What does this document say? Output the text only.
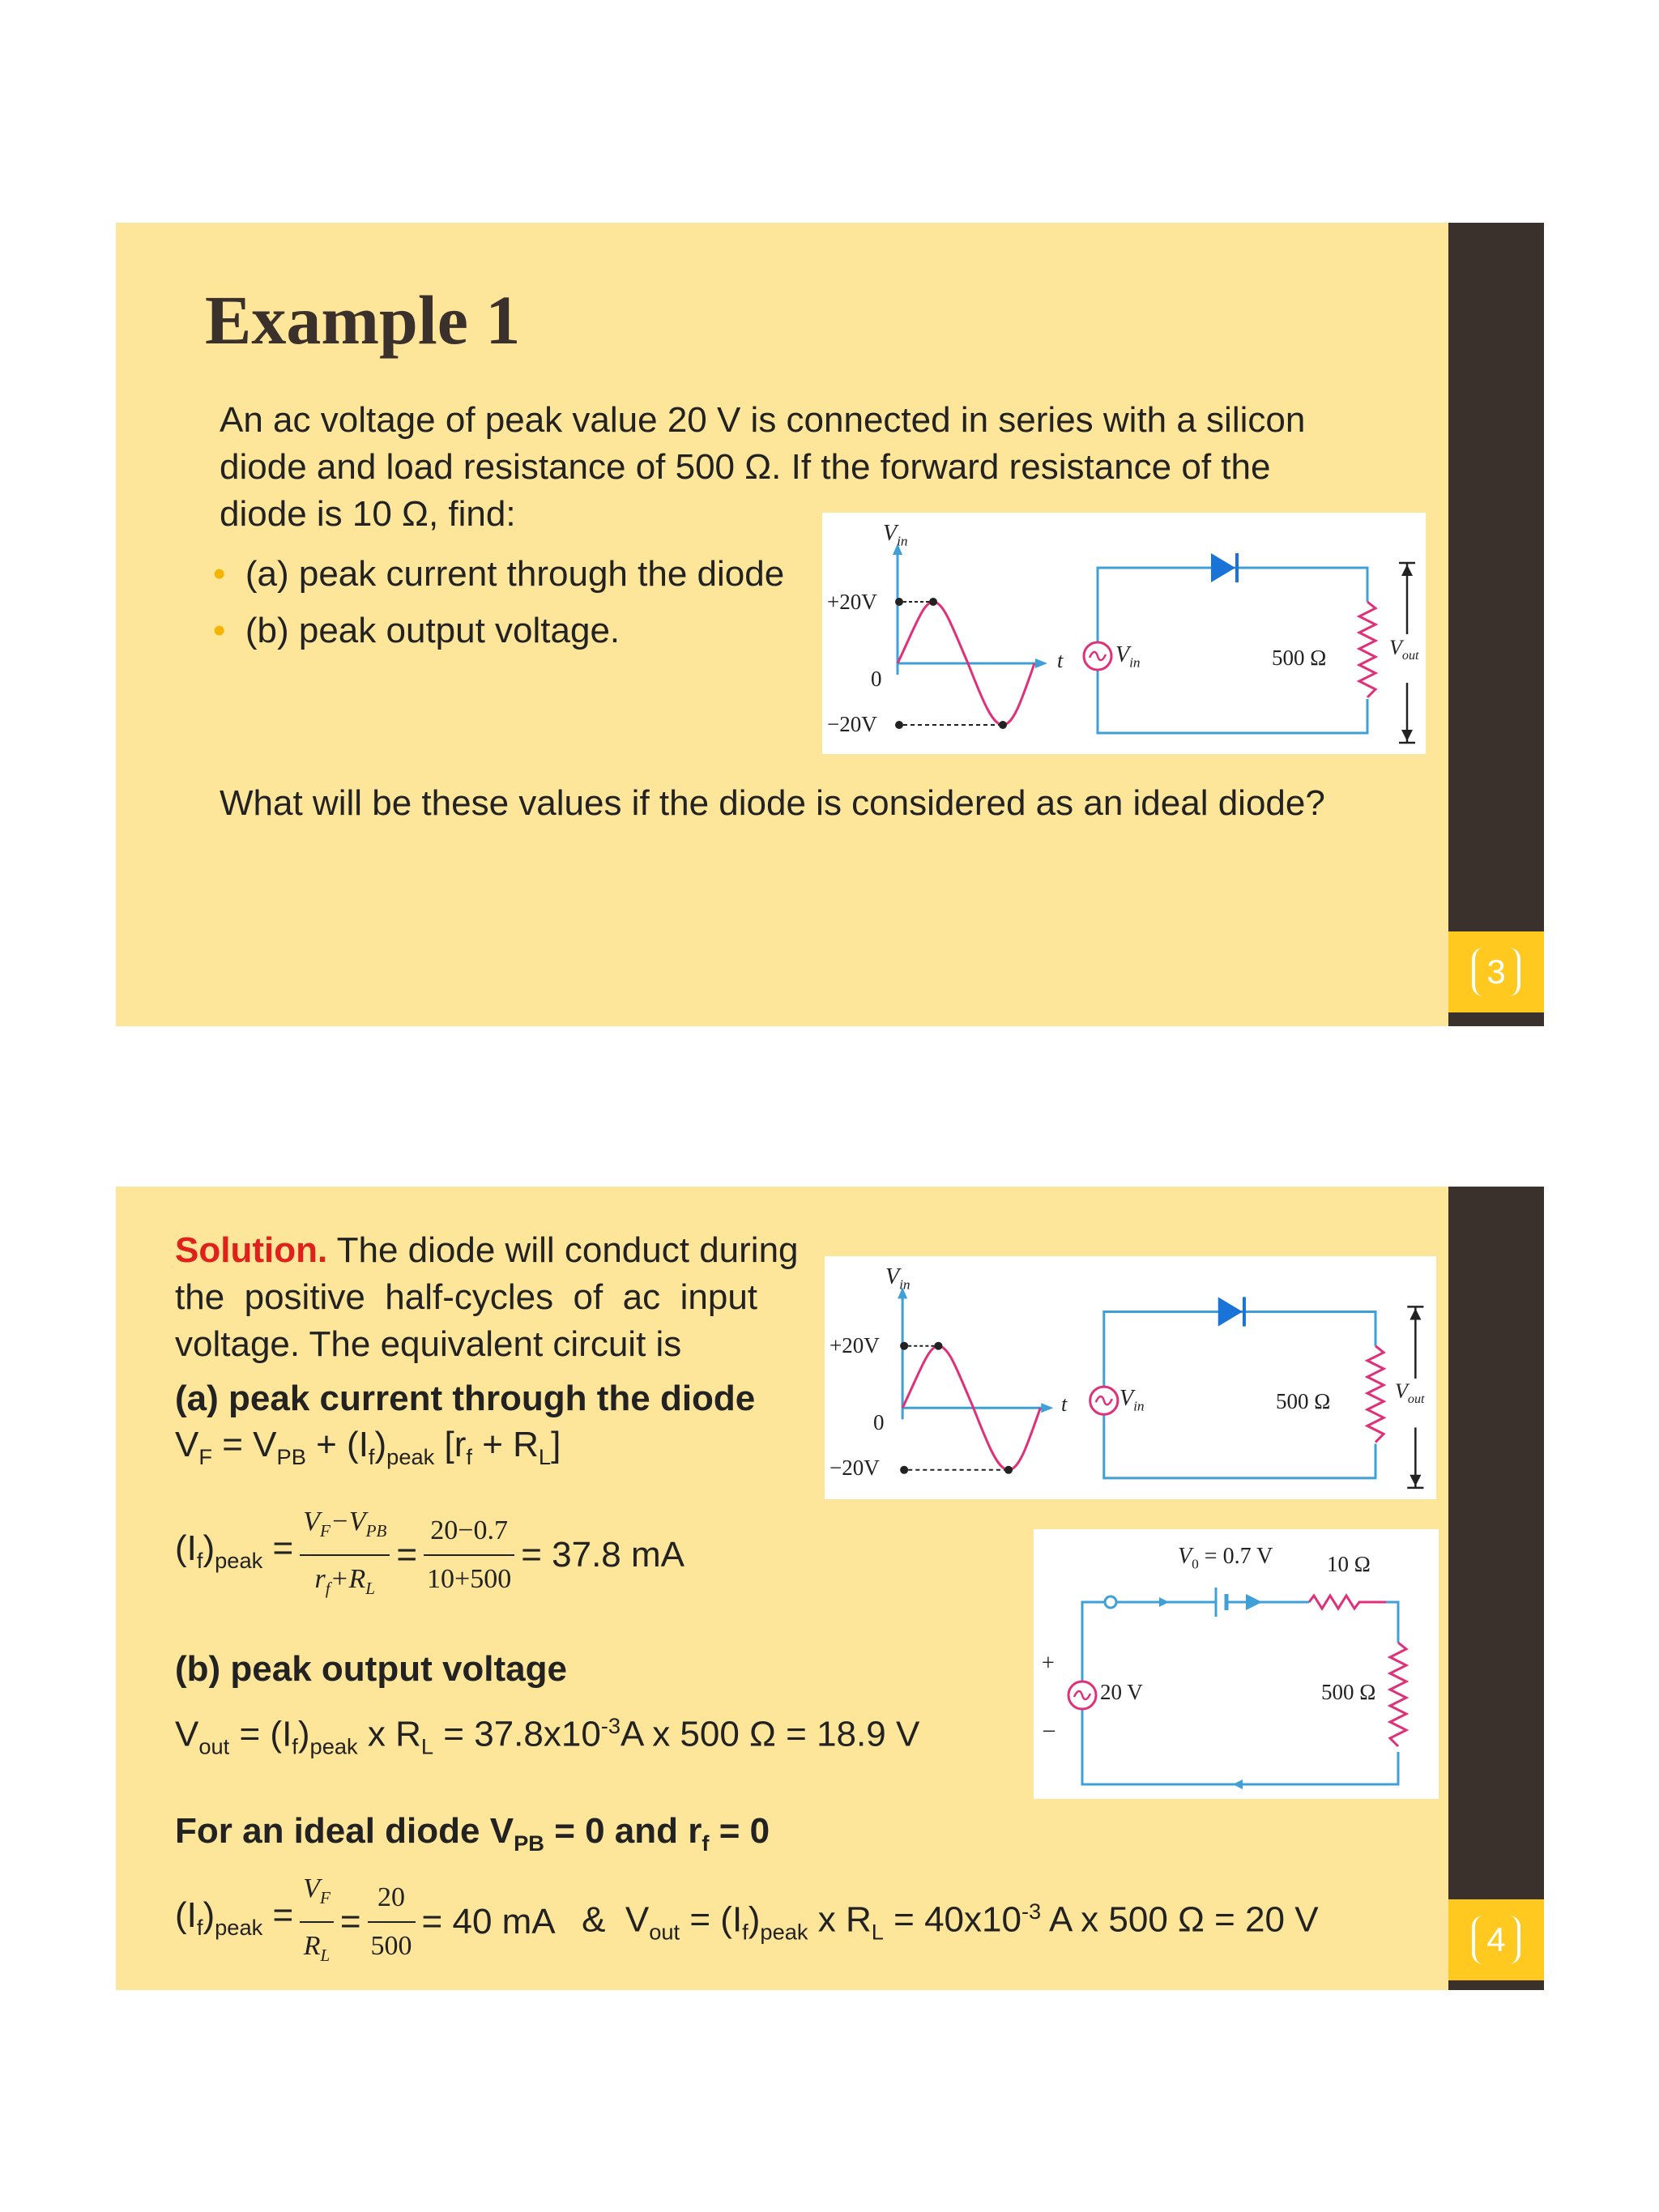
3
Example 1
An ac voltage of peak value 20 V is connected in series with a silicon
diode and load resistance of 500 Ω. If the forward resistance of the
diode is 10 Ω, find:
• (a) peak current through the diode
• (b) peak output voltage.
$V_{in}$
+20V
0
−20V
t $V_{in}$	500 Ω	$V_{out}$
What will be these values if the diode is considered as an ideal diode?
4
Solution. The diode will conduct during
the  positive  half-cycles  of  ac  input
voltage. The equivalent circuit is
(a) peak current through the diode
$V_F = V_{PB} + (I_f)_{peak}$ $[r_f + R_L]$
$(I_f)_{peak} = \frac{V_F-V_{PB}}{r_f+R_L} = \frac{20-0.7}{10+500} = 37.8$ mA
(b) peak output voltage
$V_{out} = (I_f)_{peak}$ x $R_L = 37.8x10^{-3}A$ x 500 Ω = 18.9 V
For an ideal diode $V_{PB} = 0$ and $r_f = 0$
$(I_f)_{peak} = \frac{V_F}{R_L} = \frac{20}{500} = 40$ mA &  $V_{out} = (I_f)_{peak}$ x $R_L = 40x10^{-3}$ A x 500 Ω = 20 V
$V_{in}$
+20V
0
−20V
t $V_{in}$	500 Ω	$V_{out}$
$V_0 = 0.7$ V 10 Ω
20 V	500 Ω
+
–
